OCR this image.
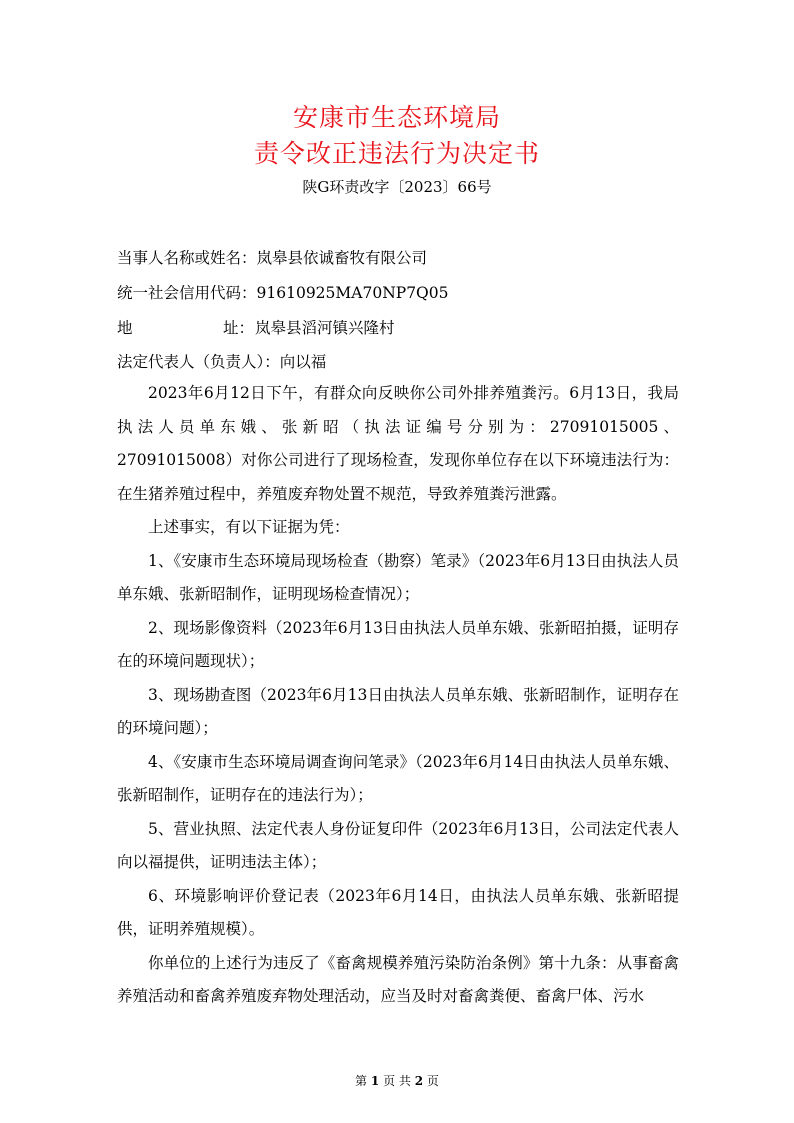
安康市生态环境局
责令改正违法行为决定书
陕G环责改字〔2023〕66号
当事人名称或姓名：岚皋县依诚畜牧有限公司
统一社会信用代码：91610925MA70NP7Q05
地	址：岚皋县滔河镇兴隆村
法定代表人（负责人）：向以福

2023年6月12日下午，有群众向反映你公司外排养殖粪污。6月13日，我局执法人员单东娥、张新昭（执法证编号分别为：27091015005、27091015008）对你公司进行了现场检查，发现你单位存在以下环境违法行为：在生猪养殖过程中，养殖废弃物处置不规范，导致养殖粪污泄露。

上述事实，有以下证据为凭：

1、《安康市生态环境局现场检查（勘察）笔录》（2023年6月13日由执法人员单东娥、张新昭制作，证明现场检查情况）；

2、现场影像资料（2023年6月13日由执法人员单东娥、张新昭拍摄，证明存在的环境问题现状）；

3、现场勘查图（2023年6月13日由执法人员单东娥、张新昭制作，证明存在的环境问题）；

4、《安康市生态环境局调查询问笔录》（2023年6月14日由执法人员单东娥、张新昭制作，证明存在的违法行为）；

5、营业执照、法定代表人身份证复印件（2023年6月13日，公司法定代表人向以福提供，证明违法主体）；

6、环境影响评价登记表（2023年6月14日，由执法人员单东娥、张新昭提供，证明养殖规模）。

你单位的上述行为违反了《畜禽规模养殖污染防治条例》第十九条：从事畜禽养殖活动和畜禽养殖废弃物处理活动，应当及时对畜禽粪便、畜禽尸体、污水

第 1 页 共 2 页
